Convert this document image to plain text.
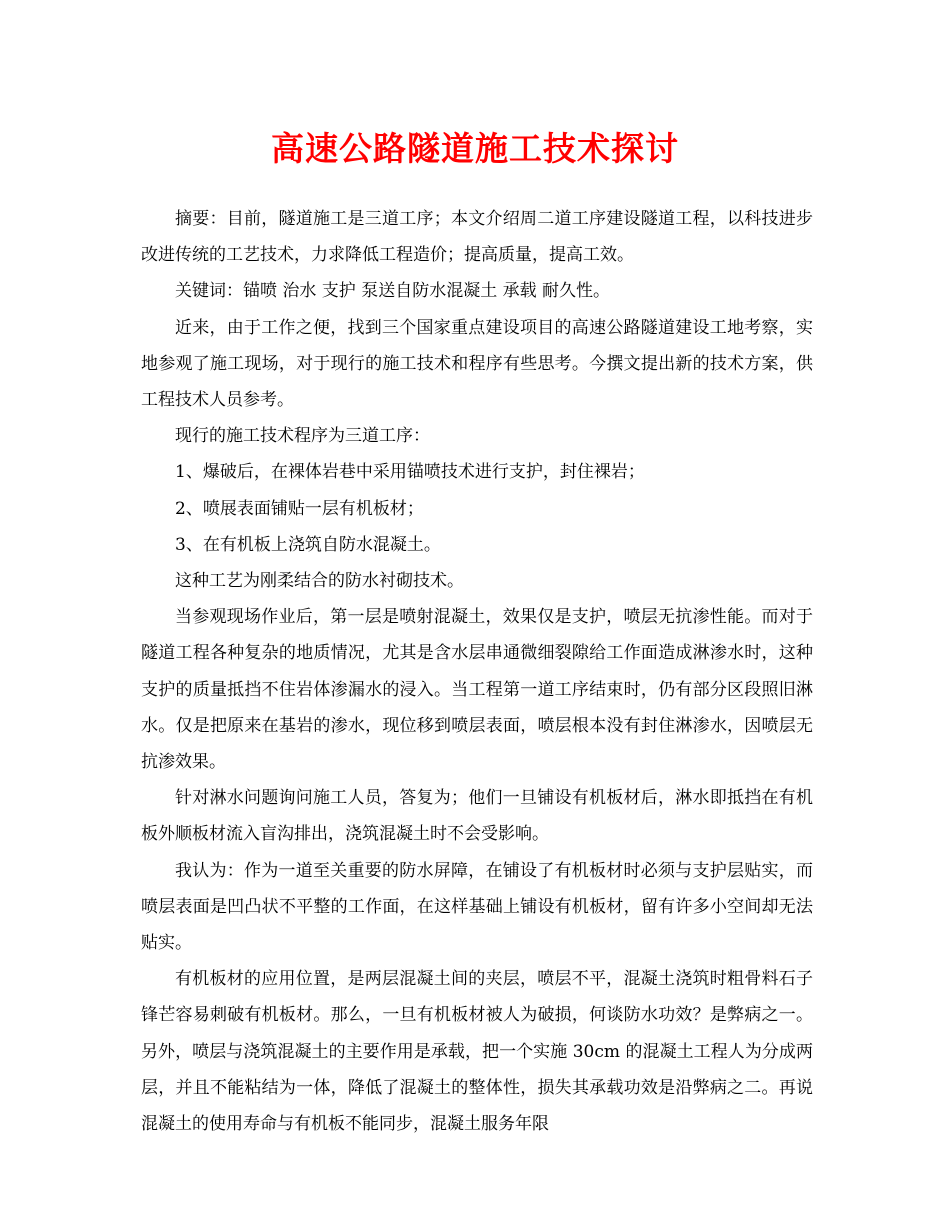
高速公路隧道施工技术探讨

摘要：目前，隧道施工是三道工序；本文介绍周二道工序建设隧道工程，以科技进步改进传统的工艺技术，力求降低工程造价；提高质量，提高工效。

关键词：锚喷 治水 支护 泵送自防水混凝土 承载 耐久性。

近来，由于工作之便，找到三个国家重点建设项目的高速公路隧道建设工地考察，实地参观了施工现场，对于现行的施工技术和程序有些思考。今撰文提出新的技术方案，供工程技术人员参考。

现行的施工技术程序为三道工序：

1、爆破后，在裸体岩巷中采用锚喷技术进行支护，封住裸岩；

2、喷展表面铺贴一层有机板材；

3、在有机板上浇筑自防水混凝土。

这种工艺为刚柔结合的防水衬砌技术。

当参观现场作业后，第一层是喷射混凝土，效果仅是支护，喷层无抗渗性能。而对于隧道工程各种复杂的地质情况，尤其是含水层串通微细裂隙给工作面造成淋渗水时，这种支护的质量抵挡不住岩体渗漏水的浸入。当工程第一道工序结束时，仍有部分区段照旧淋水。仅是把原来在基岩的渗水，现位移到喷层表面，喷层根本没有封住淋渗水，因喷层无抗渗效果。

针对淋水问题询问施工人员，答复为；他们一旦铺设有机板材后，淋水即抵挡在有机板外顺板材流入盲沟排出，浇筑混凝土时不会受影响。

我认为：作为一道至关重要的防水屏障，在铺设了有机板材时必须与支护层贴实，而喷层表面是凹凸状不平整的工作面，在这样基础上铺设有机板材，留有许多小空间却无法贴实。

有机板材的应用位置，是两层混凝土间的夹层，喷层不平，混凝土浇筑时粗骨料石子锋芒容易刺破有机板材。那么，一旦有机板材被人为破损，何谈防水功效？是弊病之一。另外，喷层与浇筑混凝土的主要作用是承载，把一个实施 30cm 的混凝土工程人为分成两层，并且不能粘结为一体，降低了混凝土的整体性，损失其承载功效是沿弊病之二。再说混凝土的使用寿命与有机板不能同步，混凝土服务年限
